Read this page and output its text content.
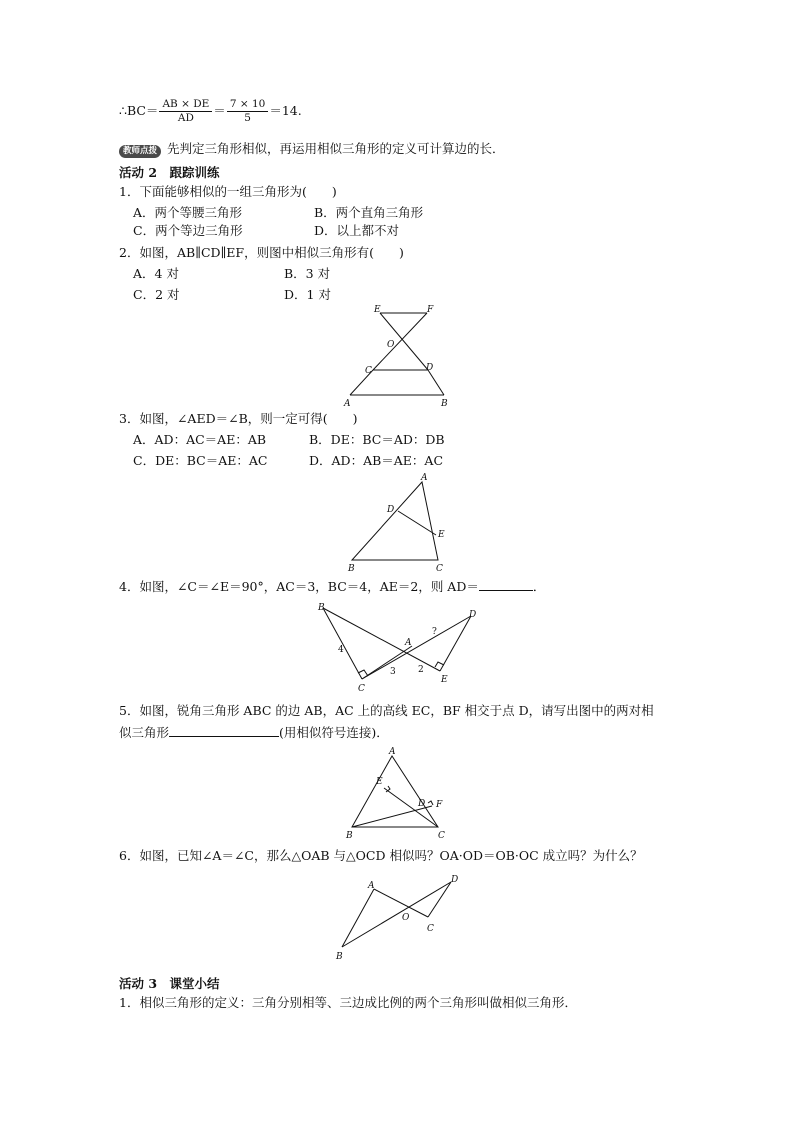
∴BC＝ $\frac{AB \times DE}{AD} = \frac{7 \times 10}{5} =14$.
教师点拨 先判定三角形相似，再运用相似三角形的定义可计算边的长．
活动 2　跟踪训练
1．下面能够相似的一组三角形为(　　)
A．两个等腰三角形	B．两个直角三角形
C．两个等边三角形	D．以上都不对
2．如图，AB∥CD∥EF，则图中相似三角形有(　　)
A．4 对	B．3 对
C．2 对	D．1 对
E	F
O
C	D
A	B
3．如图，∠AED＝∠B，则一定可得(　　)
A．AD：AC＝AE：AB	B．DE：BC＝AD：DB
C．DE：BC＝AE：AC	D．AD：AB＝AE：AC
A
D
E
B	C
4．如图，∠C＝∠E＝90°，AC＝3，BC＝4，AE＝2，则 AD＝	．
B
D
A
?
4
3 2
C
E
5．如图，锐角三角形 ABC 的边 AB，AC 上的高线 EC，BF 相交于点 D，请写出图中的两对相
似三角形	(用相似符号连接)．
A
E
D F
B	C
6．如图，已知∠A＝∠C，那么△OAB 与△OCD 相似吗？OA·OD＝OB·OC 成立吗？为什么？
A
D
O
C
B
活动 3　课堂小结
1．相似三角形的定义：三角分别相等、三边成比例的两个三角形叫做相似三角形．
